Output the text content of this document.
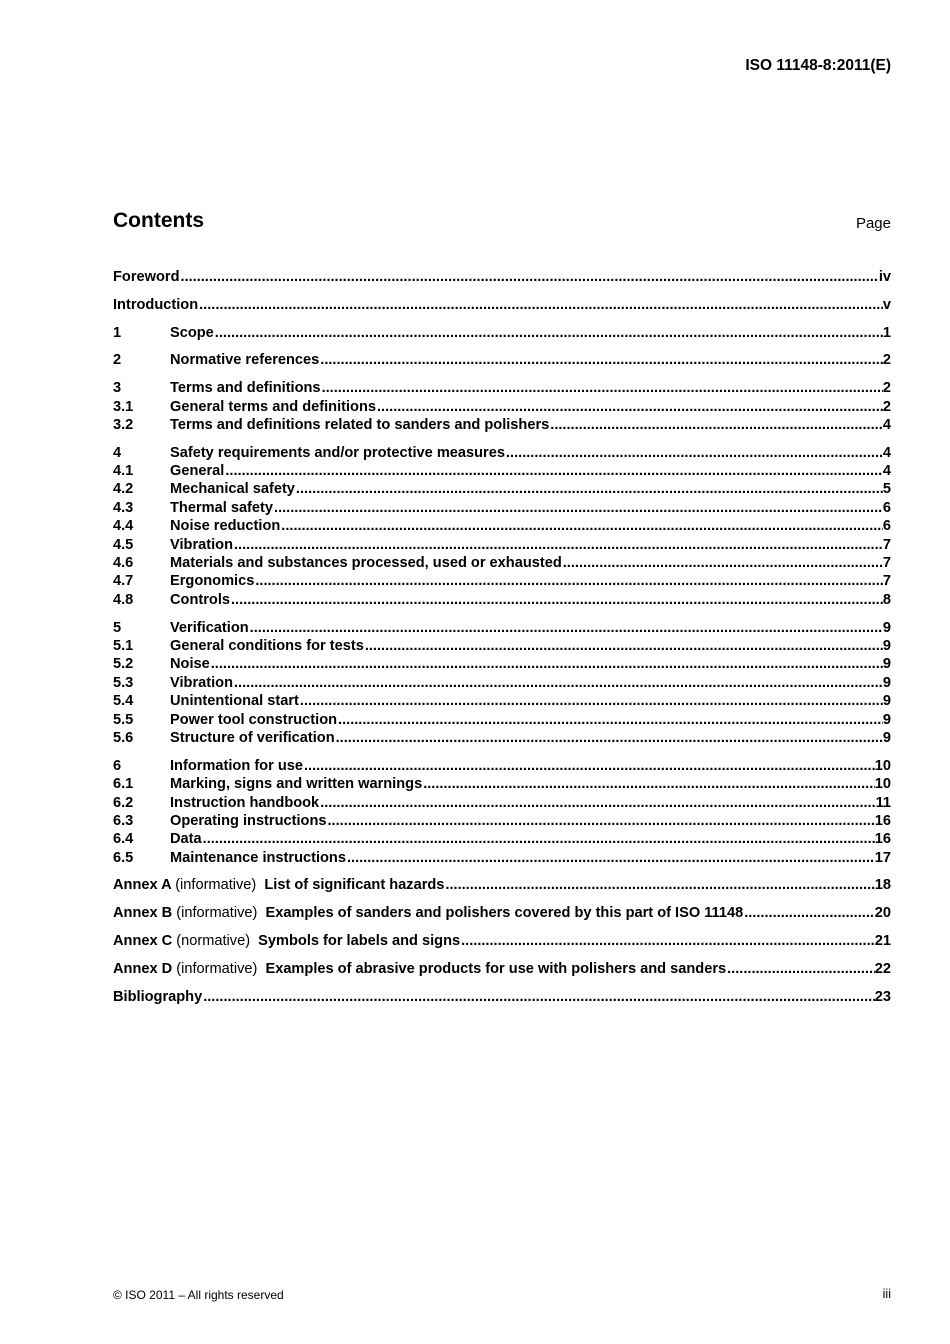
ISO 11148-8:2011(E)
Contents	Page
Foreword .....	iv
Introduction .....	v
1	Scope .....	1
2	Normative references .....	2
3	Terms and definitions .....	2
3.1	General terms and definitions .....	2
3.2	Terms and definitions related to sanders and polishers .....	4
4	Safety requirements and/or protective measures .....	4
4.1	General .....	4
4.2	Mechanical safety .....	5
4.3	Thermal safety .....	6
4.4	Noise reduction .....	6
4.5	Vibration .....	7
4.6	Materials and substances processed, used or exhausted .....	7
4.7	Ergonomics .....	7
4.8	Controls .....	8
5	Verification .....	9
5.1	General conditions for tests .....	9
5.2	Noise .....	9
5.3	Vibration .....	9
5.4	Unintentional start .....	9
5.5	Power tool construction .....	9
5.6	Structure of verification .....	9
6	Information for use .....	10
6.1	Marking, signs and written warnings .....	10
6.2	Instruction handbook .....	11
6.3	Operating instructions .....	16
6.4	Data .....	16
6.5	Maintenance instructions .....	17
Annex A (informative) List of significant hazards .....	18
Annex B (informative) Examples of sanders and polishers covered by this part of ISO 11148 .....	20
Annex C (normative) Symbols for labels and signs .....	21
Annex D (informative) Examples of abrasive products for use with polishers and sanders .....	22
Bibliography .....	23
© ISO 2011 – All rights reserved	iii
